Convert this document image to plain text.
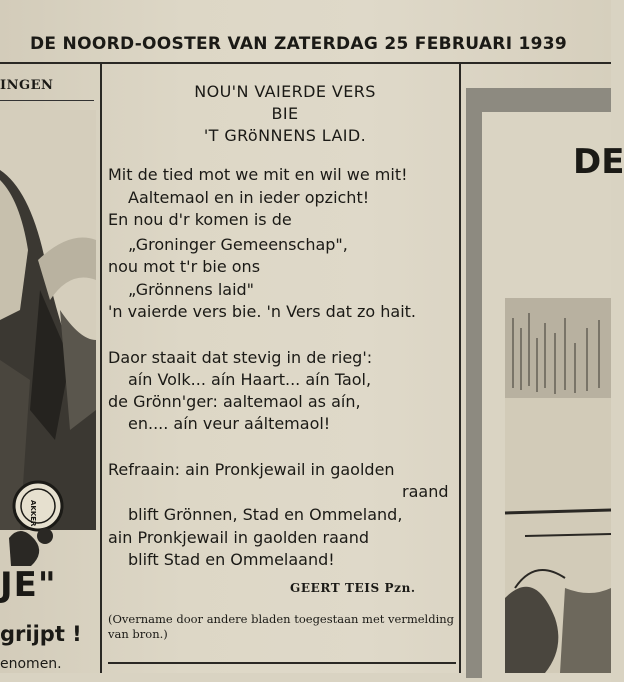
DE NOORD-OOSTER VAN ZATERDAG 25 FEBRUARI 1939
INGEN
AKKER
JE"
grijpt !
enomen.
NOU'N VAIERDE VERS
BIE
'T GRöNNENS LAID.
Mit de tied mot we mit en wil we mit!
Aaltemaol en in ieder opzicht!
En nou d'r komen is de
„Groninger Gemeenschap",
nou mot t'r bie ons
„Grönnens laid"
'n vaierde vers bie. 'n Vers dat zo hait.
Daor staait dat stevig in de rieg':
aín Volk... aín Haart... aín Taol,
de Grönn'ger: aaltemaol as aín,
en.... aín veur aáltemaol!
Refraain: ain Pronkjewail in gaolden
raand
blift Grönnen, Stad en Ommeland,
ain Pronkjewail in gaolden raand
blift Stad en Ommelaand!
GEERT TEIS Pzn.
(Overname door andere bladen toegestaan met vermelding van bron.)
DE
